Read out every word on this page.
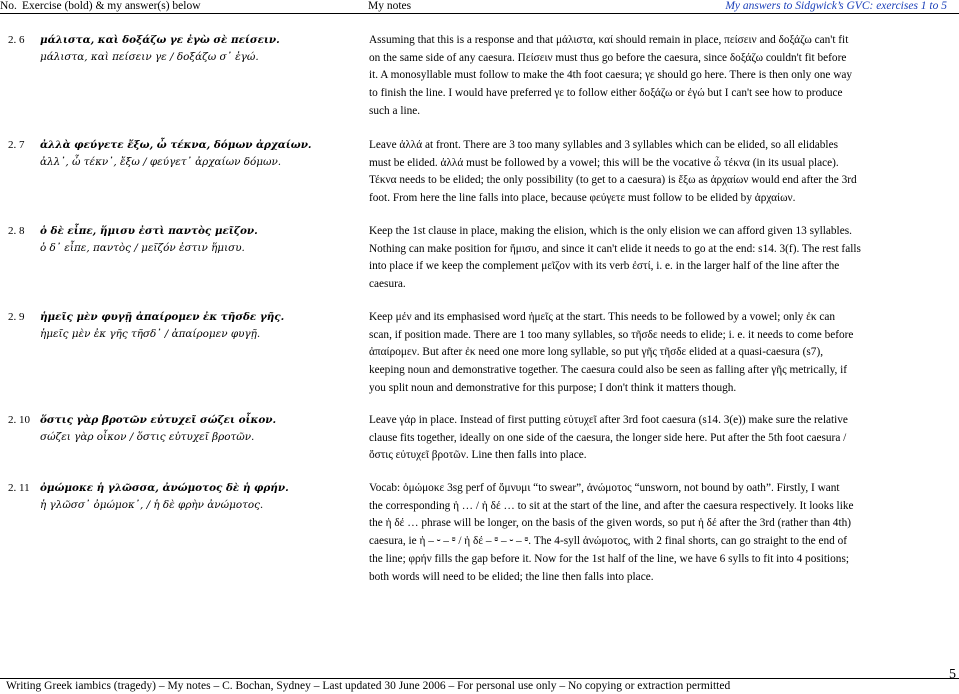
No. Exercise (bold) & my answer(s) below	My notes	My answers to Sidgwick’s GVC: exercises 1 to 5
2. 6 μάλιστα, καὶ δοξάζω γε ἐγὼ σὲ πείσειν.
μάλιστα, καὶ πείσειν γε / δοξάζω σ᾽ ἐγώ.
Assuming that this is a response and that μάλιστα, καί should remain in place, πείσειν and δοξάζω can't fit
on the same side of any caesura. Πείσειν must thus go before the caesura, since δοξάζω couldn't fit before
it. A monosyllable must follow to make the 4th foot caesura; γε should go here. There is then only one way
to finish the line. I would have preferred γε to follow either δοξάζω or ἐγώ but I can't see how to produce
such a line.
2. 7 ἀλλὰ φεύγετε ἔξω, ὦ τέκνα, δόμων ἀρχαίων.
ἀλλ᾽, ὦ τέκν᾽, ἔξω / φεύγετ᾽ ἀρχαίων δόμων.
Leave ἀλλά at front. There are 3 too many syllables and 3 syllables which can be elided, so all elidables
must be elided. ἀλλά must be followed by a vowel; this will be the vocative ὦ τέκνα (in its usual place).
Τέκνα needs to be elided; the only possibility (to get to a caesura) is ἔξω as ἀρχαίων would end after the 3rd
foot. From here the line falls into place, because φεύγετε must follow to be elided by ἀρχαίων.
2. 8 ὁ δὲ εἶπε, ἥμισυ ἐστὶ παντὸς μεῖζον.
ὁ δ᾽ εἶπε, παντὸς / μεῖζόν ἐστιν ἥμισυ.
Keep the 1st clause in place, making the elision, which is the only elision we can afford given 13 syllables.
Nothing can make position for ἥμισυ, and since it can't elide it needs to go at the end: s14. 3(f). The rest falls
into place if we keep the complement μεῖζον with its verb ἐστί, i. e. in the larger half of the line after the
caesura.
2. 9 ἡμεῖς μὲν φυγῇ ἀπαίρομεν ἐκ τῆσδε γῆς.
ἡμεῖς μὲν ἐκ γῆς τῆσδ᾽ / ἀπαίρομεν φυγῇ.
Keep μέν and its emphasised word ἡμεῖς at the start. This needs to be followed by a vowel; only ἐκ can
scan, if position made. There are 1 too many syllables, so τῆσδε needs to elide; i. e. it needs to come before
ἀπαίρομεν. But after ἐκ need one more long syllable, so put γῆς τῆσδε elided at a quasi-caesura (s7),
keeping noun and demonstrative together. The caesura could also be seen as falling after γῆς metrically, if
you split noun and demonstrative for this purpose; I don't think it matters though.
2. 10 ὅστις γὰρ βροτῶν εὐτυχεῖ σώζει οἶκον.
σώζει γὰρ οἶκον / ὅστις εὐτυχεῖ βροτῶν.
Leave γάρ in place. Instead of first putting εὐτυχεῖ after 3rd foot caesura (s14. 3(e)) make sure the relative
clause fits together, ideally on one side of the caesura, the longer side here. Put after the 5th foot caesura /
ὅστις εὐτυχεῖ βροτῶν. Line then falls into place.
2. 11 ὀμώμοκε ἡ γλῶσσα, ἀνώμοτος δὲ ἡ φρήν.
ἡ γλῶσσ᾽ ὀμώμοκ᾽, / ἡ δὲ φρὴν ἀνώμοτος.
Vocab: ὀμώμοκε 3sg perf of ὄμνυμι “to swear”, ἀνώμοτος “unsworn, not bound by oath”. Firstly, I want
the corresponding ἡ … / ἡ δέ … to sit at the start of the line, and after the caesura respectively. It looks like
the ἡ δέ … phrase will be longer, on the basis of the given words, so put ἡ δέ after the 3rd (rather than 4th)
caesura, ie ἡ – ⏑ – ⏒ / ἡ δέ – ⏒ – ⏑ – ⏒. The 4-syll ἀνώμοτος, with 2 final shorts, can go straight to the end of
the line; φρήν fills the gap before it. Now for the 1st half of the line, we have 6 sylls to fit into 4 positions;
both words will need to be elided; the line then falls into place.
Writing Greek iambics (tragedy) – My notes – C. Bochan, Sydney – Last updated 30 June 2006 – For personal use only – No copying or extraction permitted
5
